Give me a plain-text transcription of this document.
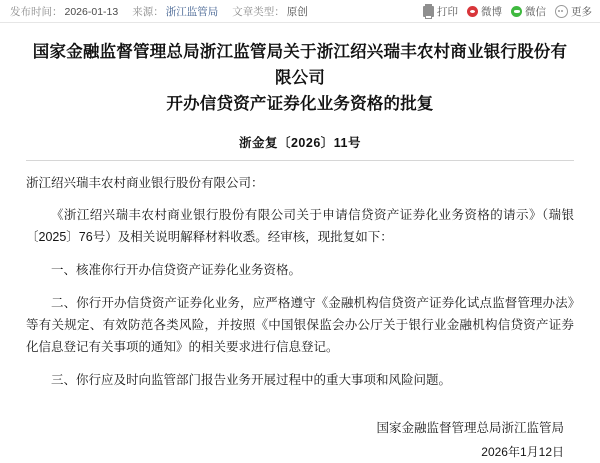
发布时间： 2026-01-13 来源： 浙江监管局 文章类型： 原创	打印 微博 微信 更多
国家金融监督管理总局浙江监管局关于浙江绍兴瑞丰农村商业银行股份有限公司
开办信贷资产证券化业务资格的批复
浙金复〔2026〕11号
浙江绍兴瑞丰农村商业银行股份有限公司：

《浙江绍兴瑞丰农村商业银行股份有限公司关于申请信贷资产证券化业务资格的请示》（瑞银〔2025〕76号）及相关说明解释材料收悉。经审核，现批复如下：

一、核准你行开办信贷资产证券化业务资格。

二、你行开办信贷资产证券化业务，应严格遵守《金融机构信贷资产证券化试点监督管理办法》等有关规定、有效防范各类风险，并按照《中国银保监会办公厅关于银行业金融机构信贷资产证券化信息登记有关事项的通知》的相关要求进行信息登记。

三、你行应及时向监管部门报告业务开展过程中的重大事项和风险问题。

国家金融监督管理总局浙江监管局
2026年1月12日
